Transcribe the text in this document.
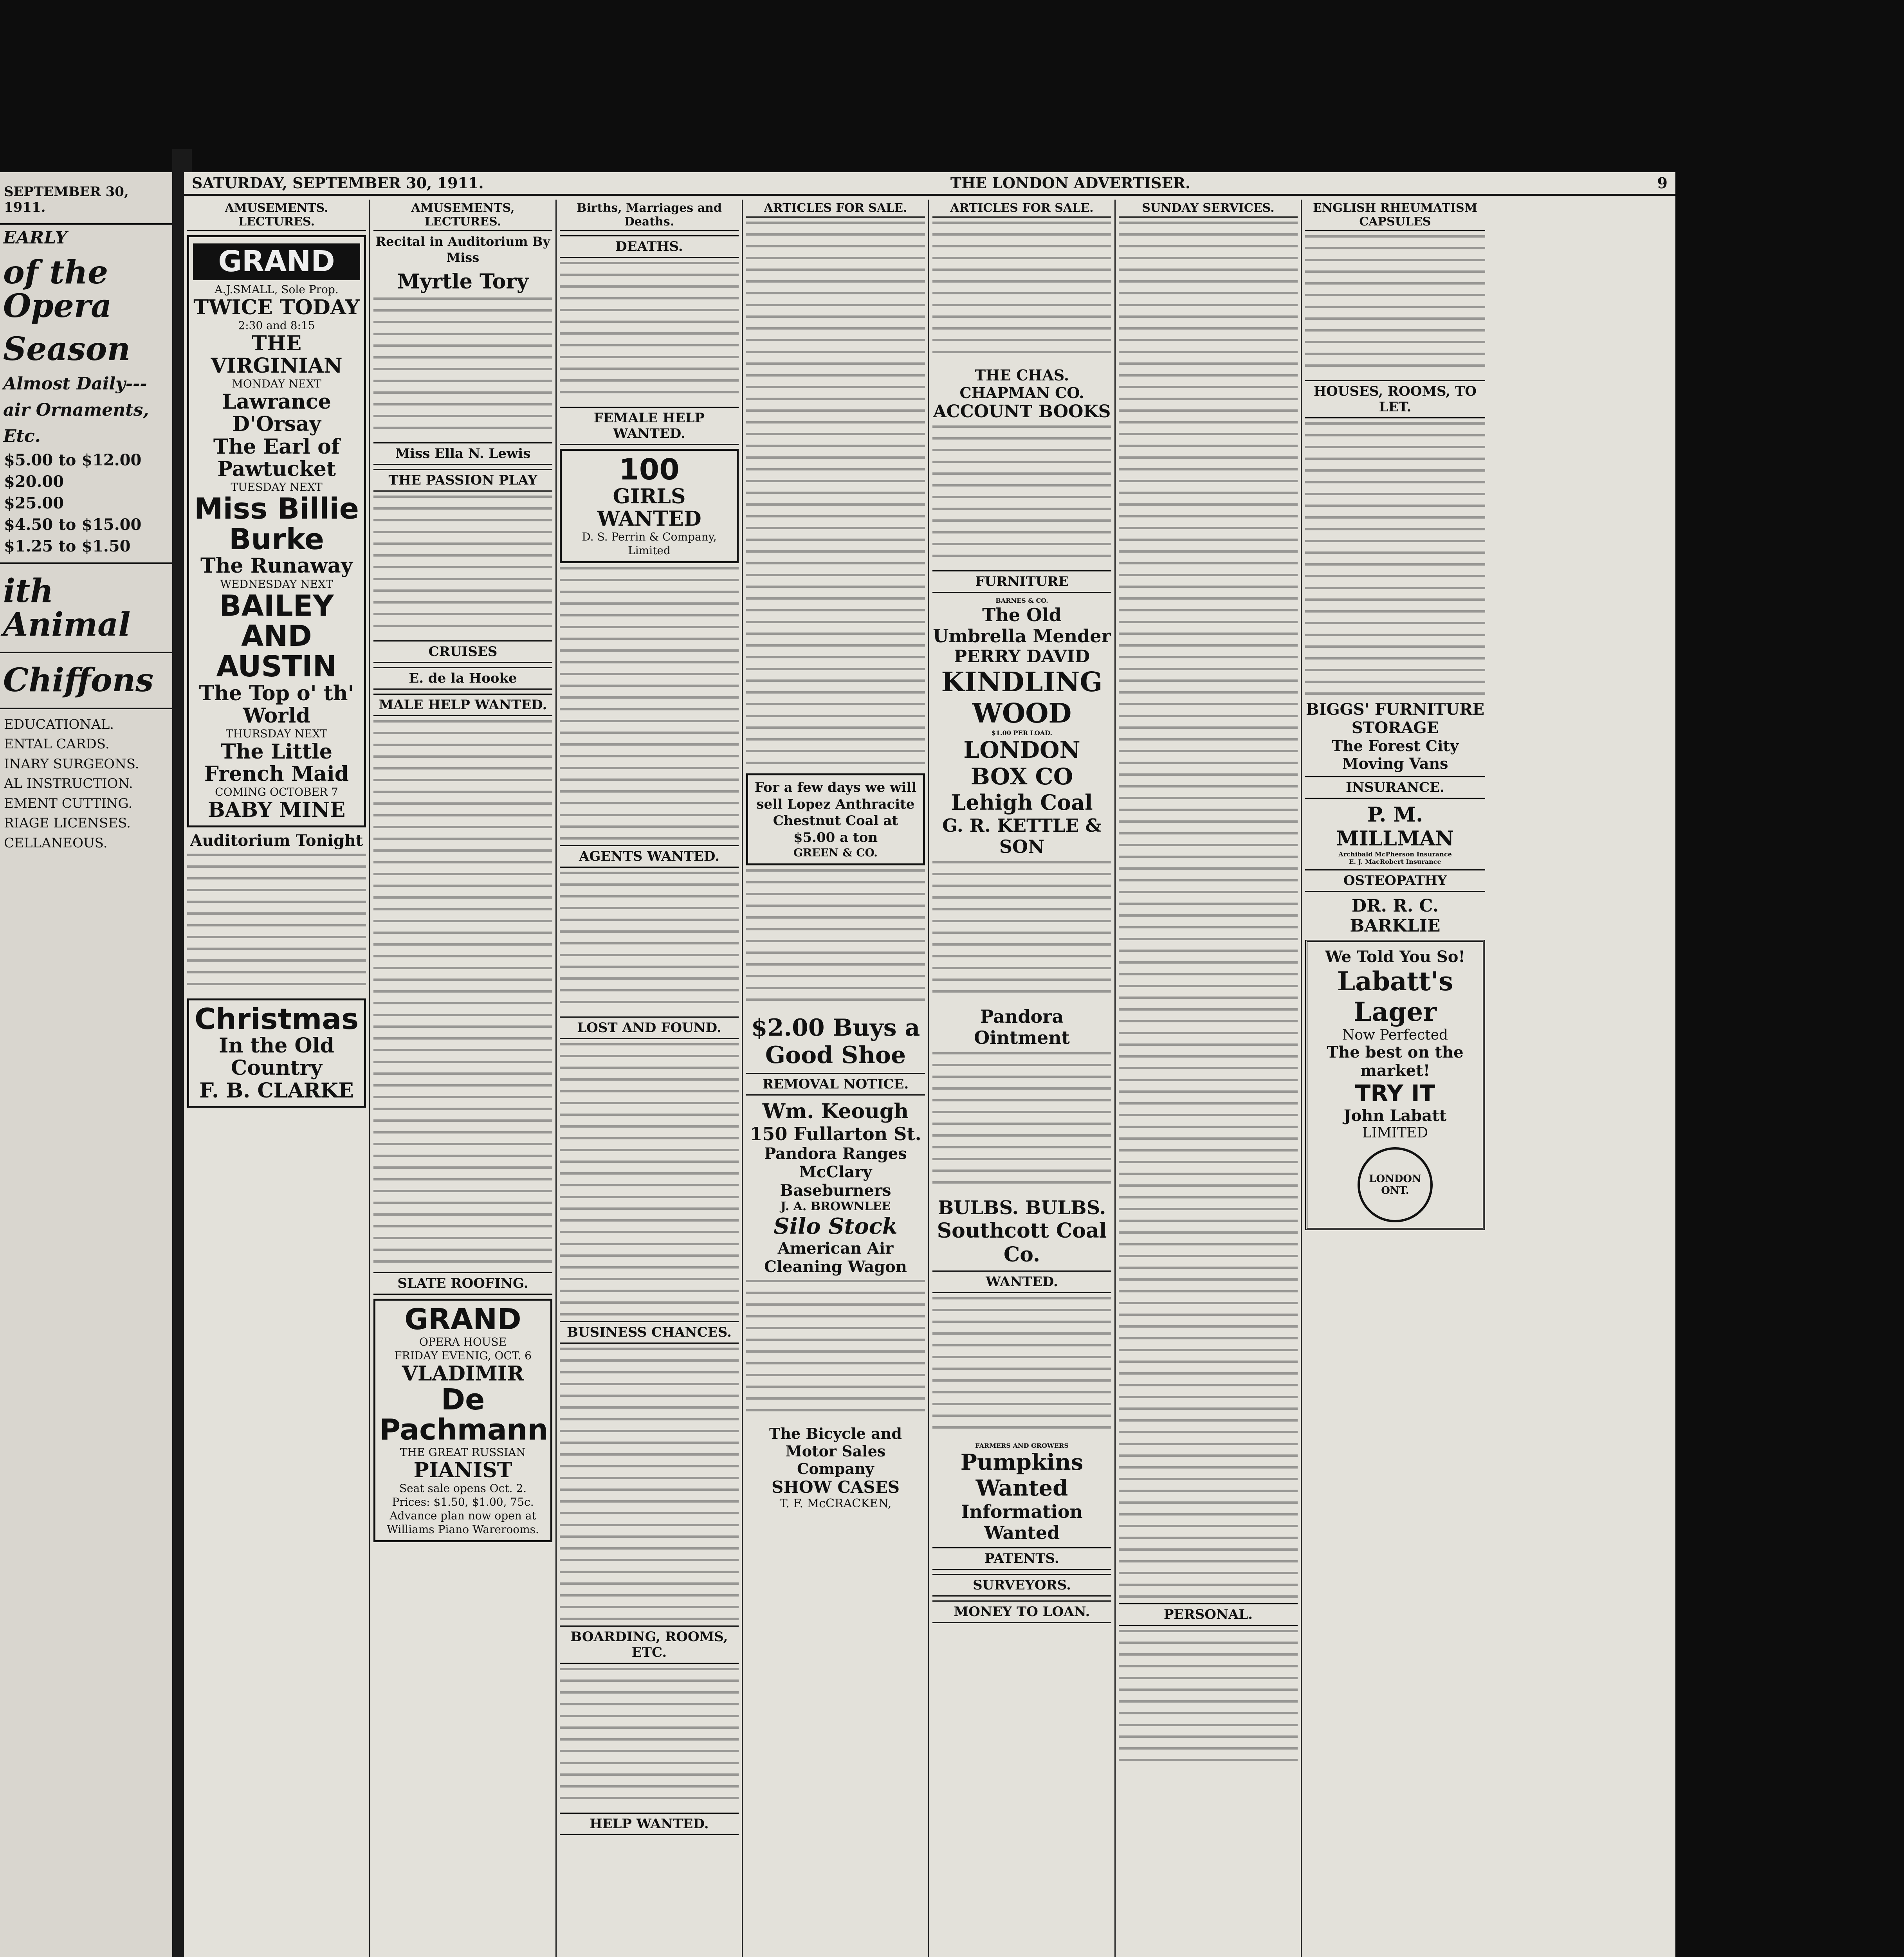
SEPTEMBER 30, 1911.
EARLY
of the Opera
Season
Almost Daily---
air Ornaments,
Etc.
$5.00 to $12.00
$20.00
$25.00
$4.50 to $15.00
$1.25 to $1.50
ith Animal
Chiffons
EDUCATIONAL.
ENTAL CARDS.
INARY SURGEONS.
AL INSTRUCTION.
EMENT CUTTING.
RIAGE LICENSES.
CELLANEOUS.
SATURDAY, SEPTEMBER 30, 1911.	THE LONDON ADVERTISER.	9
AMUSEMENTS. LECTURES.
GRAND
A.J.SMALL, Sole Prop.
TWICE TODAY
2:30 and 8:15
THE VIRGINIAN
MONDAY NEXT
Lawrance D'Orsay
The Earl of Pawtucket
TUESDAY NEXT
Miss Billie Burke
The Runaway
WEDNESDAY NEXT
BAILEY AND AUSTIN
The Top o' th' World
THURSDAY NEXT
The Little French Maid
COMING OCTOBER 7
BABY MINE
Auditorium Tonight
Christmas
In the Old Country
F. B. CLARKE
AMUSEMENTS, LECTURES.
Recital in Auditorium By Miss
Myrtle Tory
Miss Ella N. Lewis
THE PASSION PLAY
CRUISES
E. de la Hooke
MALE HELP WANTED.
SLATE ROOFING.
GRAND
OPERA HOUSE
FRIDAY EVENIG, OCT. 6
VLADIMIR
De Pachmann
THE GREAT RUSSIAN
PIANIST
Seat sale opens Oct. 2. Prices: $1.50, $1.00, 75c. Advance plan now open at Williams Piano Warerooms.
Births, Marriages and Deaths.
DEATHS.
FEMALE HELP WANTED.
100
GIRLS WANTED
D. S. Perrin & Company, Limited
AGENTS WANTED.
LOST AND FOUND.
BUSINESS CHANCES.
BOARDING, ROOMS, ETC.
HELP WANTED.
ARTICLES FOR SALE.
For a few days we will sell Lopez Anthracite Chestnut Coal at $5.00 a ton
GREEN & CO.
$2.00 Buys a Good Shoe
REMOVAL NOTICE.
Wm. Keough
150 Fullarton St.
Pandora Ranges McClary Baseburners
J. A. BROWNLEE
Silo Stock
American Air Cleaning Wagon
The Bicycle and Motor Sales Company
SHOW CASES
T. F. McCRACKEN,
ARTICLES FOR SALE.
THE CHAS. CHAPMAN CO.
ACCOUNT BOOKS
FURNITURE
BARNES & CO.
The Old Umbrella Mender
PERRY DAVID
KINDLING WOOD
$1.00 PER LOAD.
LONDON BOX CO
Lehigh Coal
G. R. KETTLE & SON
Pandora Ointment
BULBS. BULBS.
Southcott Coal Co.
WANTED.
FARMERS AND GROWERS
Pumpkins Wanted
Information Wanted
PATENTS.
SURVEYORS.
MONEY TO LOAN.
SUNDAY SERVICES.
PERSONAL.
ENGLISH RHEUMATISM CAPSULES
HOUSES, ROOMS, TO LET.
BIGGS' FURNITURE STORAGE
The Forest City Moving Vans
INSURANCE.
P. M. MILLMAN
Archibald McPherson Insurance
E. J. MacRobert Insurance
OSTEOPATHY
DR. R. C. BARKLIE
We Told You So!
Labatt's Lager
Now Perfected
The best on the market!
TRY IT
John Labatt
LIMITED
LONDON ONT.
